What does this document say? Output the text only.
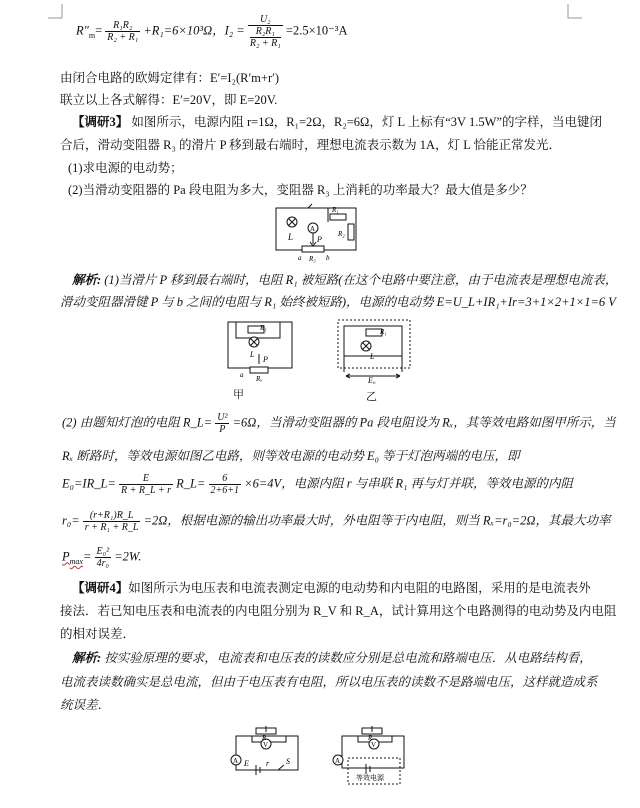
$R''_m= \frac{\text{R₁R₂}}{\text{R₂ + R₁}} +R_1=6\times 10^3\Omega$，I₂ = U₂
R₂R₁
R₂ + R₁ =2.5×10⁻³A
由闭合电路的欧姆定律有：E′=I₂(R′m+r′)
联立以上各式解得：E′=20V，即 E=20V.
【调研3】 如图所示，电源内阻 r=1Ω，R₁=2Ω，R₂=6Ω，灯 L 上标有“3V 1.5W”的字样，当电键闭
合后，滑动变阻器 R₃ 的滑片 P 移到最右端时，理想电流表示数为 1A，灯 L 恰能正常发光．
(1)求电源的电动势；
(2)当滑动变阻器的 Pa 段电阻为多大，变阻器 R₃ 上消耗的功率最大？最大值是多少？
L
A
R₁
R₂
P
R₃
a	b
解析: (1)当滑片 P 移到最右端时，电阻 R₁ 被短路(在这个电路中要注意，由于电流表是理想电流表，
滑动变阻器滑键 P 与 b 之间的电阻与 R₁ 始终被短路)，电源的电动势 E=U_L+IR₁+Ir=3+1×2+1×1=6 V
R₁
L
P
a Rₓ
甲
R₁
L
E₀
乙
(2) 由题知灯泡的电阻 R_L= $\frac{\text{U²}}{P} =6\Omega$，当滑动变阻器的 Pa 段电阻设为 Rₓ，其等效电路如图甲所示，当
Rₓ 断路时，等效电源如图乙电路，则等效电源的电动势 E₀ 等于灯泡两端的电压，即
E₀=IR_L= $\frac{E}{R + R\_L + r}$ R_L= $\frac{6}{2+6+1} \times 6=4V$，电源内阻 r 与串联 R₁ 再与灯并联，等效电源的内阻
$r_0= \frac{\text{(r+R₁)R\_L}}{\text{r + R₁ + R\_L}} =2\Omega$，根据电源的输出功率最大时，外电阻等于内电阻，则当 Rₓ=r₀=2Ω，其最大功率
$P_{max}= \frac{\text{E₀²}}{\text{4r₀}} =2W$.
【调研4】如图所示为电压表和电流表测定电源的电动势和内电阻的电路图，采用的是电流表外
接法．若已知电压表和电流表的内电阻分别为 R_V 和 R_A，试计算用这个电路测得的电动势及内电阻
的相对误差．
解析: 按实验原理的要求，电流表和电压表的读数应分别是总电流和路端电压．从电路结构看，
电流表读数确实是总电流，但由于电压表有电阻，所以电压表的读数不是路端电压，这样就造成系
统误差．
R
V
A E r S
R
V
A
等效电源
